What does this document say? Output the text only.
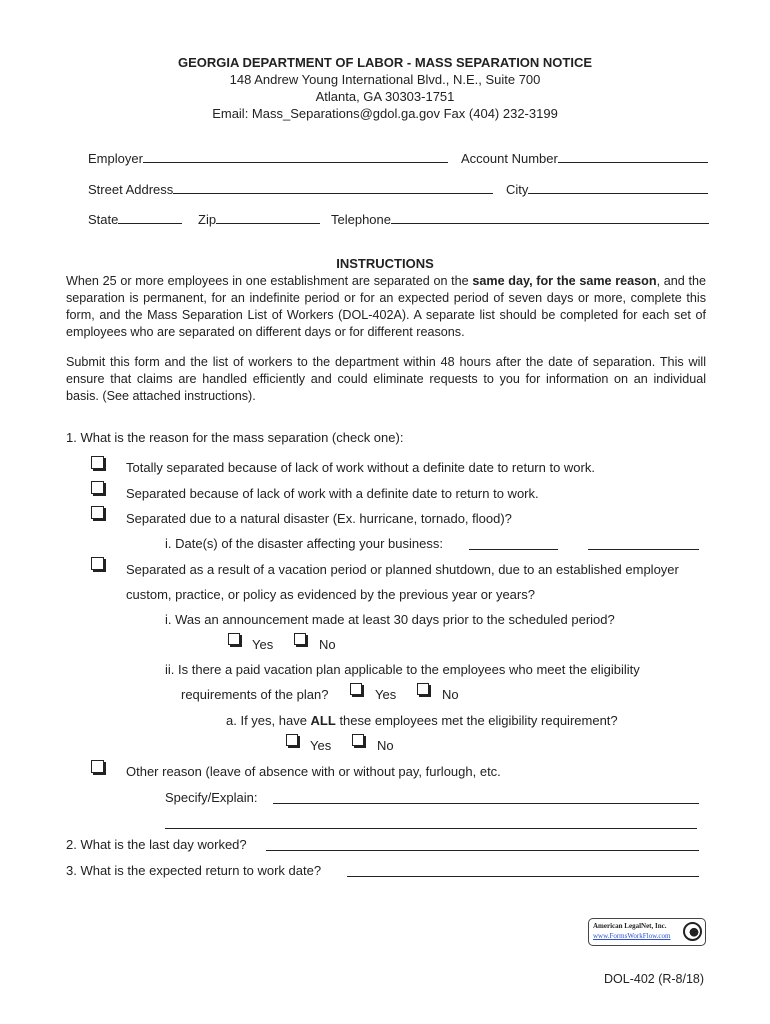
GEORGIA DEPARTMENT OF LABOR - MASS SEPARATION NOTICE
148 Andrew Young International Blvd., N.E., Suite 700
Atlanta, GA 30303-1751
Email: Mass_Separations@gdol.ga.gov Fax (404) 232-3199
Employer	Account Number
Street Address	City
State	Zip	Telephone
INSTRUCTIONS
When 25 or more employees in one establishment are separated on the same day, for the same reason, and the separation is permanent, for an indefinite period or for an expected period of seven days or more, complete this form, and the Mass Separation List of Workers (DOL-402A). A separate list should be completed for each set of employees who are separated on different days or for different reasons.
Submit this form and the list of workers to the department within 48 hours after the date of separation. This will ensure that claims are handled efficiently and could eliminate requests to you for information on an individual basis. (See attached instructions).
1. What is the reason for the mass separation (check one):
Totally separated because of lack of work without a definite date to return to work.
Separated because of lack of work with a definite date to return to work.
Separated due to a natural disaster (Ex. hurricane, tornado, flood)?
i. Date(s) of the disaster affecting your business:
Separated as a result of a vacation period or planned shutdown, due to an established employer
custom, practice, or policy as evidenced by the previous year or years?
i. Was an announcement made at least 30 days prior to the scheduled period?
Yes	No
ii. Is there a paid vacation plan applicable to the employees who meet the eligibility
requirements of the plan?	Yes	No
a. If yes, have ALL these employees met the eligibility requirement?
Yes	No
Other reason (leave of absence with or without pay, furlough, etc.
Specify/Explain:
2. What is the last day worked?
3. What is the expected return to work date?
American LegalNet, Inc.
www.FormsWorkFlow.com
DOL-402 (R-8/18)
